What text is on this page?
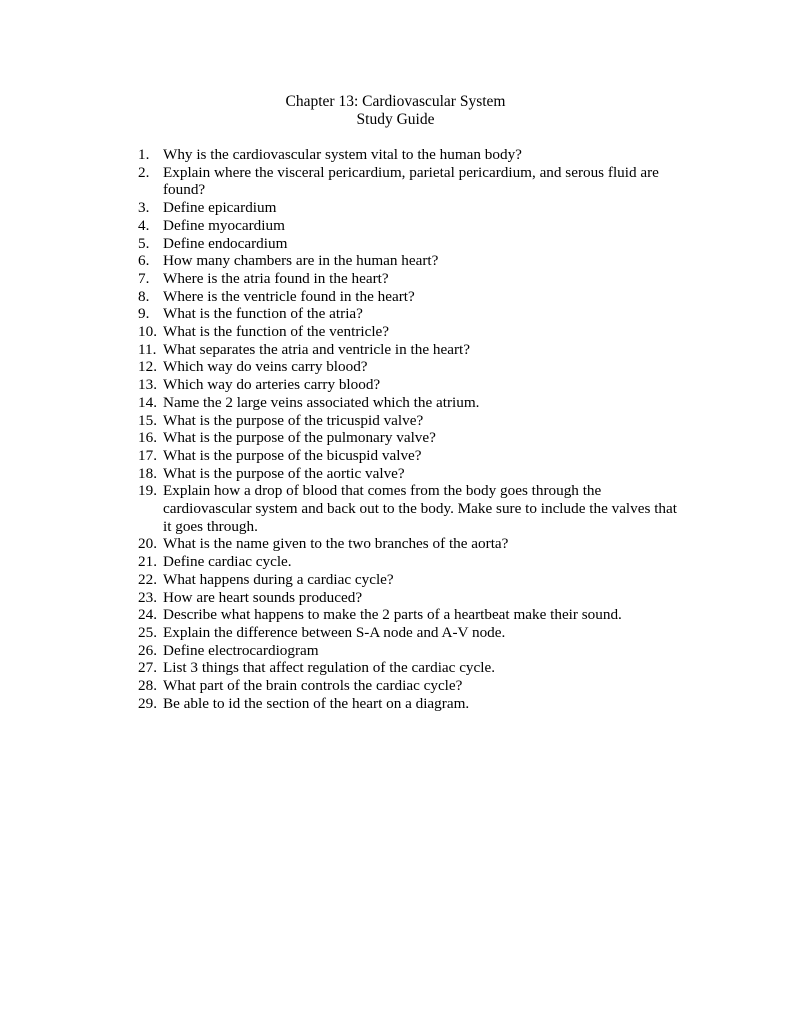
Chapter 13: Cardiovascular System
Study Guide
1. Why is the cardiovascular system vital to the human body?
2. Explain where the visceral pericardium, parietal pericardium, and serous fluid are found?
3. Define epicardium
4. Define myocardium
5. Define endocardium
6. How many chambers are in the human heart?
7. Where is the atria found in the heart?
8. Where is the ventricle found in the heart?
9. What is the function of the atria?
10. What is the function of the ventricle?
11. What separates the atria and ventricle in the heart?
12. Which way do veins carry blood?
13. Which way do arteries carry blood?
14. Name the 2 large veins associated which the atrium.
15. What is the purpose of the tricuspid valve?
16. What is the purpose of the pulmonary valve?
17. What is the purpose of the bicuspid valve?
18. What is the purpose of the aortic valve?
19. Explain how a drop of blood that comes from the body goes through the cardiovascular system and back out to the body. Make sure to include the valves that it goes through.
20. What is the name given to the two branches of the aorta?
21. Define cardiac cycle.
22. What happens during a cardiac cycle?
23. How are heart sounds produced?
24. Describe what happens to make the 2 parts of a heartbeat make their sound.
25. Explain the difference between S-A node and A-V node.
26. Define electrocardiogram
27. List 3 things that affect regulation of the cardiac cycle.
28. What part of the brain controls the cardiac cycle?
29. Be able to id the section of the heart on a diagram.
